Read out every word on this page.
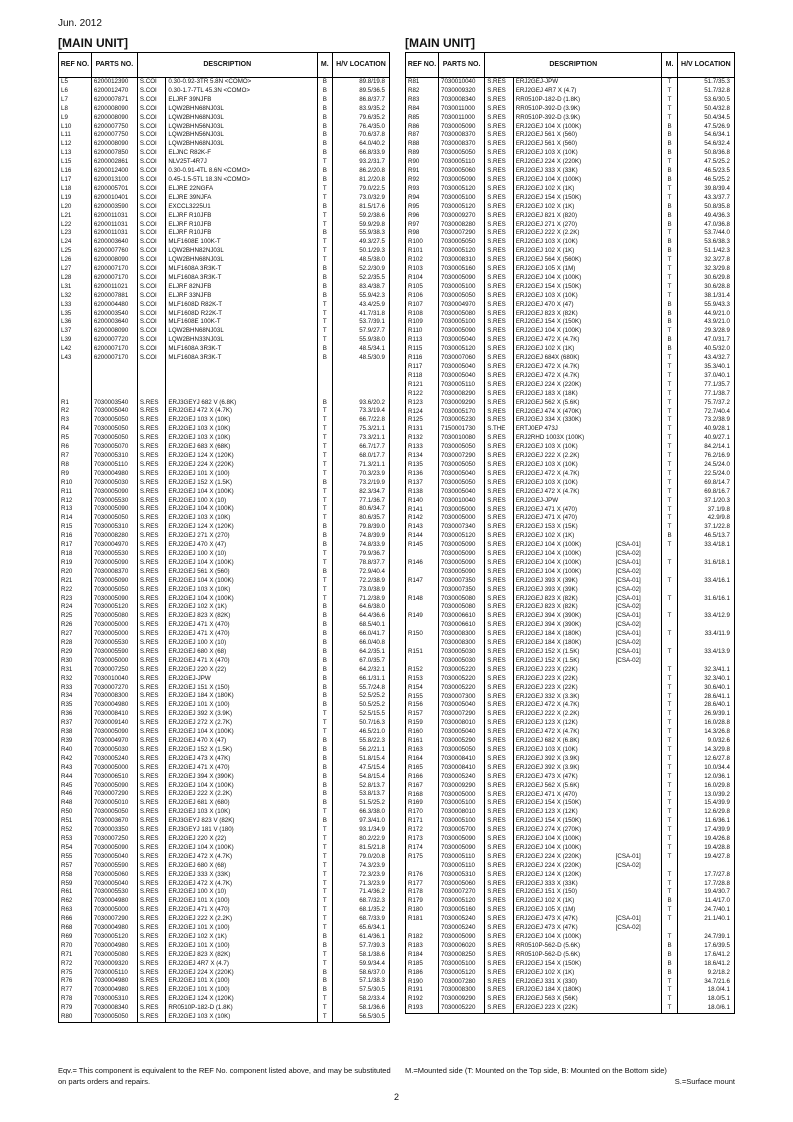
Jun. 2012
[MAIN UNIT]	[MAIN UNIT]
REF NO.	PARTS NO.	DESCRIPTION		M.	H/V LOCATION
L5	6200012390	S.COI	0.30-0.92-3TR 5.8N <COMO>		B	89.8/19.8
L6	6200012470	S.COI	0.30-1.7-7TL 45.3N <COMO>		B	89.5/36.5
L7	6200007871	S.COI	ELJRF 39NJFB		B	86.8/37.7
L8	6200008090	S.COI	LQW2BHN68NJ03L		B	83.9/35.2
L9	6200008090	S.COI	LQW2BHN68NJ03L		B	79.6/35.2
L10	6200007750	S.COI	LQW2BHN56NJ03L		B	76.4/35.0
L11	6200007750	S.COI	LQW2BHN56NJ03L		B	70.6/37.8
L12	6200008090	S.COI	LQW2BHN68NJ03L		B	64.0/40.2
L13	6200007850	S.COI	ELJNC R82K-F		B	66.8/33.9
L15	6200002861	S.COI	NLV25T-4R7J		T	93.2/31.7
L16	6200012400	S.COI	0.30-0.91-4TL 8.6N <COMO>		B	86.2/20.8
L17	6200013100	S.COI	0.45-1.5-5TL 18.3N <COMO>		B	81.2/20.8
L18	6200005701	S.COI	ELJRE 22NGFA		T	79.0/22.5
L19	6200010401	S.COI	ELJRE 39NJFA		T	73.0/32.9
L20	6200003590	S.COI	EXCCL3225U1		B	81.5/17.6
L21	6200011031	S.COI	ELJRF R10JFB		T	59.2/38.6
L22	6200011031	S.COI	ELJRF R10JFB		T	59.9/29.8
L23	6200011031	S.COI	ELJRF R10JFB		B	55.9/38.3
L24	6200003640	S.COI	MLF1608E 100K-T		T	49.3/27.5
L25	6200007760	S.COI	LQW2BHN82NJ03L		T	50.1/29.3
L26	6200008090	S.COI	LQW2BHN68NJ03L		T	48.5/38.0
L27	6200007170	S.COI	MLF1608A 3R3K-T		B	52.2/30.9
L28	6200007170	S.COI	MLF1608A 3R3K-T		B	52.2/35.5
L31	6200011021	S.COI	ELJRF 82NJFB		B	83.4/38.7
L32	6200007881	S.COI	ELJRF 33NJFB		B	55.9/42.3
L33	6200004480	S.COI	MLF1608D R82K-T		T	43.4/25.9
L35	6200003540	S.COI	MLF1608D R22K-T		T	41.7/31.8
L36	6200003640	S.COI	MLF1608E 100K-T		T	53.7/39.1
L37	6200008090	S.COI	LQW2BHN68NJ03L		T	57.9/27.7
L39	6200007720	S.COI	LQW2BHN33NJ03L		T	55.9/38.0
L42	6200007170	S.COI	MLF1608A 3R3K-T		B	48.5/34.1
L43	6200007170	S.COI	MLF1608A 3R3K-T		B	48.5/30.9

R1	7030003540	S.RES	ERJ3GEYJ 682 V (6.8K)		B	93.6/20.2
R2	7030005040	S.RES	ERJ2GEJ 472 X (4.7K)		T	73.3/19.4
R3	7030005050	S.RES	ERJ2GEJ 103 X (10K)		T	66.7/22.8
R4	7030005050	S.RES	ERJ2GEJ 103 X (10K)		T	75.3/21.1
R5	7030005050	S.RES	ERJ2GEJ 103 X (10K)		T	73.3/21.1
R6	7030005070	S.RES	ERJ2GEJ 683 X (68K)		T	66.7/17.7
R7	7030005310	S.RES	ERJ2GEJ 124 X (120K)		T	68.0/17.7
R8	7030005110	S.RES	ERJ2GEJ 224 X (220K)		T	71.3/21.1
R9	7030004980	S.RES	ERJ2GEJ 101 X (100)		T	70.3/23.9
R10	7030005030	S.RES	ERJ2GEJ 152 X (1.5K)		B	73.2/19.9
R11	7030005090	S.RES	ERJ2GEJ 104 X (100K)		T	82.3/34.7
R12	7030005530	S.RES	ERJ2GEJ 100 X (10)		T	77.1/36.7
R13	7030005090	S.RES	ERJ2GEJ 104 X (100K)		T	80.6/34.7
R14	7030005050	S.RES	ERJ2GEJ 103 X (10K)		T	80.6/35.7
R15	7030005310	S.RES	ERJ2GEJ 124 X (120K)		B	79.8/39.0
R16	7030008280	S.RES	ERJ2GEJ 271 X (270)		B	74.8/39.9
R17	7030004970	S.RES	ERJ2GEJ 470 X (47)		B	74.8/33.9
R18	7030005530	S.RES	ERJ2GEJ 100 X (10)		T	79.9/36.7
R19	7030005090	S.RES	ERJ2GEJ 104 X (100K)		T	78.8/37.7
R20	7030008370	S.RES	ERJ2GEJ 561 X (560)		B	72.9/40.4
R21	7030005090	S.RES	ERJ2GEJ 104 X (100K)		T	72.2/38.9
R22	7030005050	S.RES	ERJ2GEJ 103 X (10K)		T	73.0/38.9
R23	7030005090	S.RES	ERJ2GEJ 104 X (100K)		T	71.2/38.9
R24	7030005120	S.RES	ERJ2GEJ 102 X (1K)		B	64.6/38.0
R25	7030005080	S.RES	ERJ2GEJ 823 X (82K)		B	64.4/36.6
R26	7030005000	S.RES	ERJ2GEJ 471 X (470)		B	68.5/40.1
R27	7030005000	S.RES	ERJ2GEJ 471 X (470)		B	66.0/41.7
R28	7030005530	S.RES	ERJ2GEJ 100 X (10)		B	66.0/40.8
R29	7030005590	S.RES	ERJ2GEJ 680 X (68)		B	64.2/35.1
R30	7030005000	S.RES	ERJ2GEJ 471 X (470)		B	67.0/35.7
R31	7030007250	S.RES	ERJ2GEJ 220 X (22)		B	64.2/32.1
R32	7030010040	S.RES	ERJ2GEJ-JPW		B	66.1/31.1
R33	7030007270	S.RES	ERJ2GEJ 151 X (150)		B	55.7/24.8
R34	7030008300	S.RES	ERJ2GEJ 184 X (180K)		B	52.5/25.2
R35	7030004980	S.RES	ERJ2GEJ 101 X (100)		B	50.5/25.2
R36	7030008410	S.RES	ERJ2GEJ 392 X (3.9K)		T	52.5/15.5
R37	7030009140	S.RES	ERJ2GEJ 272 X (2.7K)		T	50.7/16.3
R38	7030005090	S.RES	ERJ2GEJ 104 X (100K)		T	46.5/21.0
R39	7030004970	S.RES	ERJ2GEJ 470 X (47)		B	55.8/22.3
R40	7030005030	S.RES	ERJ2GEJ 152 X (1.5K)		B	56.2/21.1
R42	7030005240	S.RES	ERJ2GEJ 473 X (47K)		B	51.8/15.4
R43	7030005000	S.RES	ERJ2GEJ 471 X (470)		B	47.5/15.4
R44	7030006510	S.RES	ERJ2GEJ 394 X (390K)		B	54.8/15.4
R45	7030005090	S.RES	ERJ2GEJ 104 X (100K)		B	52.8/13.7
R46	7030007290	S.RES	ERJ2GEJ 222 X (2.2K)		B	53.8/13.7
R48	7030005010	S.RES	ERJ2GEJ 681 X (680)		B	51.5/25.2
R50	7030005050	S.RES	ERJ2GEJ 103 X (10K)		T	66.3/38.0
R51	7030003670	S.RES	ERJ3GEYJ 823 V (82K)		B	97.3/41.0
R52	7030003350	S.RES	ERJ3GEYJ 181 V (180)		T	93.1/34.9
R53	7030007250	S.RES	ERJ2GEJ 220 X (22)		T	80.2/22.9
R54	7030005090	S.RES	ERJ2GEJ 104 X (100K)		T	81.5/21.8
R55	7030005040	S.RES	ERJ2GEJ 472 X (4.7K)		T	79.0/20.8
R57	7030005590	S.RES	ERJ2GEJ 680 X (68)		T	74.3/23.9
R58	7030005060	S.RES	ERJ2GEJ 333 X (33K)		T	72.3/23.9
R59	7030005040	S.RES	ERJ2GEJ 472 X (4.7K)		T	71.3/23.9
R61	7030005530	S.RES	ERJ2GEJ 100 X (10)		T	71.4/36.2
R62	7030004980	S.RES	ERJ2GEJ 101 X (100)		T	68.7/32.3
R63	7030005000	S.RES	ERJ2GEJ 471 X (470)		T	68.1/35.2
R66	7030007290	S.RES	ERJ2GEJ 222 X (2.2K)		T	68.7/33.9
R68	7030004980	S.RES	ERJ2GEJ 101 X (100)		T	65.6/34.1
R69	7030005120	S.RES	ERJ2GEJ 102 X (1K)		B	61.4/36.1
R70	7030004980	S.RES	ERJ2GEJ 101 X (100)		B	57.7/39.3
R71	7030005080	S.RES	ERJ2GEJ 823 X (82K)		T	58.1/38.6
R72	7030009320	S.RES	ERJ2GEJ 4R7 X (4.7)		T	59.9/34.4
R75	7030005110	S.RES	ERJ2GEJ 224 X (220K)		B	58.6/37.0
R76	7030004980	S.RES	ERJ2GEJ 101 X (100)		B	57.1/38.3
R77	7030004980	S.RES	ERJ2GEJ 101 X (100)		B	57.5/30.5
R78	7030005310	S.RES	ERJ2GEJ 124 X (120K)		T	58.2/33.4
R79	7030008340	S.RES	RR0510P-182-D (1.8K)		T	58.1/36.6
R80	7030005050	S.RES	ERJ2GEJ 103 X (10K)		T	56.5/30.5
REF NO.	PARTS NO.	DESCRIPTION			M.	H/V LOCATION
R81	7030010040	S.RES	ERJ2GEJ-JPW		T	51.7/35.3
R82	7030009320	S.RES	ERJ2GEJ 4R7 X (4.7)		T	51.7/32.8
R83	7030008340	S.RES	RR0510P-182-D (1.8K)		T	53.6/30.5
R84	7030011000	S.RES	RR0510P-392-D (3.9K)		T	50.4/32.8
R85	7030011000	S.RES	RR0510P-392-D (3.9K)		T	50.4/34.5
R86	7030005090	S.RES	ERJ2GEJ 104 X (100K)		B	47.5/26.9
R87	7030008370	S.RES	ERJ2GEJ 561 X (560)		B	54.6/34.1
R88	7030008370	S.RES	ERJ2GEJ 561 X (560)		B	54.6/32.4
R89	7030005050	S.RES	ERJ2GEJ 103 X (10K)		B	50.8/36.8
R90	7030005110	S.RES	ERJ2GEJ 224 X (220K)		T	47.5/25.2
R91	7030005060	S.RES	ERJ2GEJ 333 X (33K)		B	46.5/23.5
R92	7030005090	S.RES	ERJ2GEJ 104 X (100K)		B	46.5/25.2
R93	7030005120	S.RES	ERJ2GEJ 102 X (1K)		T	39.8/39.4
R94	7030005100	S.RES	ERJ2GEJ 154 X (150K)		T	43.3/37.7
R95	7030005120	S.RES	ERJ2GEJ 102 X (1K)		B	50.8/35.8
R96	7030009270	S.RES	ERJ2GEJ 821 X (820)		B	49.4/36.3
R97	7030008280	S.RES	ERJ2GEJ 271 X (270)		B	47.0/36.8
R98	7030007290	S.RES	ERJ2GEJ 222 X (2.2K)		T	53.7/44.0
R100	7030005050	S.RES	ERJ2GEJ 103 X (10K)		B	53.6/38.3
R101	7030005120	S.RES	ERJ2GEJ 102 X (1K)		B	51.1/42.3
R102	7030008310	S.RES	ERJ2GEJ 564 X (560K)		T	32.3/27.8
R103	7030005160	S.RES	ERJ2GEJ 105 X (1M)		T	32.3/29.8
R104	7030005090	S.RES	ERJ2GEJ 104 X (100K)		T	30.6/29.8
R105	7030005100	S.RES	ERJ2GEJ 154 X (150K)		T	30.6/28.8
R106	7030005050	S.RES	ERJ2GEJ 103 X (10K)		T	38.1/31.4
R107	7030004970	S.RES	ERJ2GEJ 470 X (47)		B	55.9/43.3
R108	7030005080	S.RES	ERJ2GEJ 823 X (82K)		B	44.9/21.0
R109	7030005100	S.RES	ERJ2GEJ 154 X (150K)		B	43.9/21.0
R110	7030005090	S.RES	ERJ2GEJ 104 X (100K)		T	29.3/28.9
R113	7030005040	S.RES	ERJ2GEJ 472 X (4.7K)		B	47.0/31.7
R115	7030005120	S.RES	ERJ2GEJ 102 X (1K)		B	40.5/32.0
R116	7030007060	S.RES	ERJ2GEJ 684X (680K)		T	43.4/32.7
R117	7030005040	S.RES	ERJ2GEJ 472 X (4.7K)		T	35.3/40.1
R118	7030005040	S.RES	ERJ2GEJ 472 X (4.7K)		T	37.0/40.1
R121	7030005110	S.RES	ERJ2GEJ 224 X (220K)		T	77.1/35.7
R122	7030008290	S.RES	ERJ2GEJ 183 X (18K)		T	77.1/38.7
R123	7030009290	S.RES	ERJ2GEJ 562 X (5.6K)		T	75.7/37.2
R124	7030005170	S.RES	ERJ2GEJ 474 X (470K)		T	72.7/40.4
R125	7030005230	S.RES	ERJ2GEJ 334 X (330K)		T	73.2/38.9
R131	7150001730	S.THE	ERTJ0EP 473J		T	40.9/28.1
R132	7030010080	S.RES	ERJ2RHD 1003X (100K)		T	40.9/27.1
R133	7030005050	S.RES	ERJ2GEJ 103 X (10K)		T	84.2/14.1
R134	7030007290	S.RES	ERJ2GEJ 222 X (2.2K)		T	76.2/16.9
R135	7030005050	S.RES	ERJ2GEJ 103 X (10K)		T	24.5/24.0
R136	7030005040	S.RES	ERJ2GEJ 472 X (4.7K)		T	22.5/24.0
R137	7030005050	S.RES	ERJ2GEJ 103 X (10K)		T	69.8/14.7
R138	7030005040	S.RES	ERJ2GEJ 472 X (4.7K)		T	69.8/16.7
R140	7030010040	S.RES	ERJ2GEJ-JPW		T	37.1/20.3
R141	7030005000	S.RES	ERJ2GEJ 471 X (470)		T	37.1/9.8
R142	7030005000	S.RES	ERJ2GEJ 471 X (470)		T	42.9/9.8
R143	7030007340	S.RES	ERJ2GEJ 153 X (15K)		T	37.1/22.8
R144	7030005120	S.RES	ERJ2GEJ 102 X (1K)		B	46.5/13.7
R145	7030005090	S.RES	ERJ2GEJ 104 X (100K)	[CSA-01]	T	33.4/18.1
	7030005090	S.RES	ERJ2GEJ 104 X (100K)	[CSA-02]		
R146	7030005090	S.RES	ERJ2GEJ 104 X (100K)	[CSA-01]	T	31.6/18.1
	7030005090	S.RES	ERJ2GEJ 104 X (100K)	[CSA-02]		
R147	7030007350	S.RES	ERJ2GEJ 393 X (39K)	[CSA-01]	T	33.4/16.1
	7030007350	S.RES	ERJ2GEJ 393 X (39K)	[CSA-02]		
R148	7030005080	S.RES	ERJ2GEJ 823 X (82K)	[CSA-01]	T	31.6/16.1
	7030005080	S.RES	ERJ2GEJ 823 X (82K)	[CSA-02]		
R149	7030006610	S.RES	ERJ2GEJ 394 X (390K)	[CSA-01]	T	33.4/12.9
	7030006610	S.RES	ERJ2GEJ 394 X (390K)	[CSA-02]		
R150	7030008300	S.RES	ERJ2GEJ 184 X (180K)	[CSA-01]	T	33.4/11.9
	7030008300	S.RES	ERJ2GEJ 184 X (180K)	[CSA-02]		
R151	7030005030	S.RES	ERJ2GEJ 152 X (1.5K)	[CSA-01]	T	33.4/13.9
	7030005030	S.RES	ERJ2GEJ 152 X (1.5K)	[CSA-02]		
R152	7030005220	S.RES	ERJ2GEJ 223 X (22K)		T	32.3/41.1
R153	7030005220	S.RES	ERJ2GEJ 223 X (22K)		T	32.3/40.1
R154	7030005220	S.RES	ERJ2GEJ 223 X (22K)		T	30.6/40.1
R155	7030007300	S.RES	ERJ2GEJ 332 X (3.3K)		T	28.6/41.1
R156	7030005040	S.RES	ERJ2GEJ 472 X (4.7K)		T	28.6/40.1
R157	7030007290	S.RES	ERJ2GEJ 222 X (2.2K)		T	26.9/39.1
R159	7030008010	S.RES	ERJ2GEJ 123 X (12K)		T	16.0/28.8
R160	7030005040	S.RES	ERJ2GEJ 472 X (4.7K)		T	14.3/26.8
R161	7030005290	S.RES	ERJ2GEJ 682 X (6.8K)		T	9.0/32.6
R163	7030005050	S.RES	ERJ2GEJ 103 X (10K)		T	14.3/29.8
R164	7030008410	S.RES	ERJ2GEJ 392 X (3.9K)		T	12.6/27.8
R165	7030008410	S.RES	ERJ2GEJ 392 X (3.9K)		T	10.0/34.4
R166	7030005240	S.RES	ERJ2GEJ 473 X (47K)		T	12.0/36.1
R167	7030009290	S.RES	ERJ2GEJ 562 X (5.6K)		T	16.0/29.8
R168	7030005000	S.RES	ERJ2GEJ 471 X (470)		T	13.0/39.2
R169	7030005100	S.RES	ERJ2GEJ 154 X (150K)		T	15.4/39.9
R170	7030008010	S.RES	ERJ2GEJ 123 X (12K)		T	12.6/29.8
R171	7030005100	S.RES	ERJ2GEJ 154 X (150K)		T	11.6/36.1
R172	7030005700	S.RES	ERJ2GEJ 274 X (270K)		T	17.4/39.9
R173	7030005090	S.RES	ERJ2GEJ 104 X (100K)		T	19.4/26.8
R174	7030005090	S.RES	ERJ2GEJ 104 X (100K)		T	19.4/28.8
R175	7030005110	S.RES	ERJ2GEJ 224 X (220K)	[CSA-01]	T	19.4/27.8
	7030005110	S.RES	ERJ2GEJ 224 X (220K)	[CSA-02]		
R176	7030005310	S.RES	ERJ2GEJ 124 X (120K)		T	17.7/27.8
R177	7030005060	S.RES	ERJ2GEJ 333 X (33K)		T	17.7/28.8
R178	7030007270	S.RES	ERJ2GEJ 151 X (150)		T	19.4/30.7
R179	7030005120	S.RES	ERJ2GEJ 102 X (1K)		B	11.4/17.0
R180	7030005160	S.RES	ERJ2GEJ 105 X (1M)		T	24.7/40.1
R181	7030005240	S.RES	ERJ2GEJ 473 X (47K)	[CSA-01]	T	21.1/40.1
	7030005240	S.RES	ERJ2GEJ 473 X (47K)	[CSA-02]		
R182	7030005090	S.RES	ERJ2GEJ 104 X (100K)		T	24.7/39.1
R183	7030006020	S.RES	RR0510P-562-D (5.6K)		B	17.6/39.5
R184	7030008250	S.RES	RR0510P-562-D (5.6K)		B	17.6/41.2
R185	7030005100	S.RES	ERJ2GEJ 154 X (150K)		B	18.6/41.2
R186	7030005120	S.RES	ERJ2GEJ 102 X (1K)		B	9.2/18.2
R190	7030007280	S.RES	ERJ2GEJ 331 X (330)		T	34.7/21.6
R191	7030008300	S.RES	ERJ2GEJ 184 X (180K)		T	18.0/4.1
R192	7030009290	S.RES	ERJ2GEJ 563 X (56K)		T	18.0/5.1
R193	7030005220	S.RES	ERJ2GEJ 223 X (22K)		T	18.0/6.1
Eqv.= This component is equivalent to the REF No. component listed above, and may be substituted on parts orders and repairs.
M.=Mounted side (T: Mounted on the Top side, B: Mounted on the Bottom side)
S.=Surface mount
2
